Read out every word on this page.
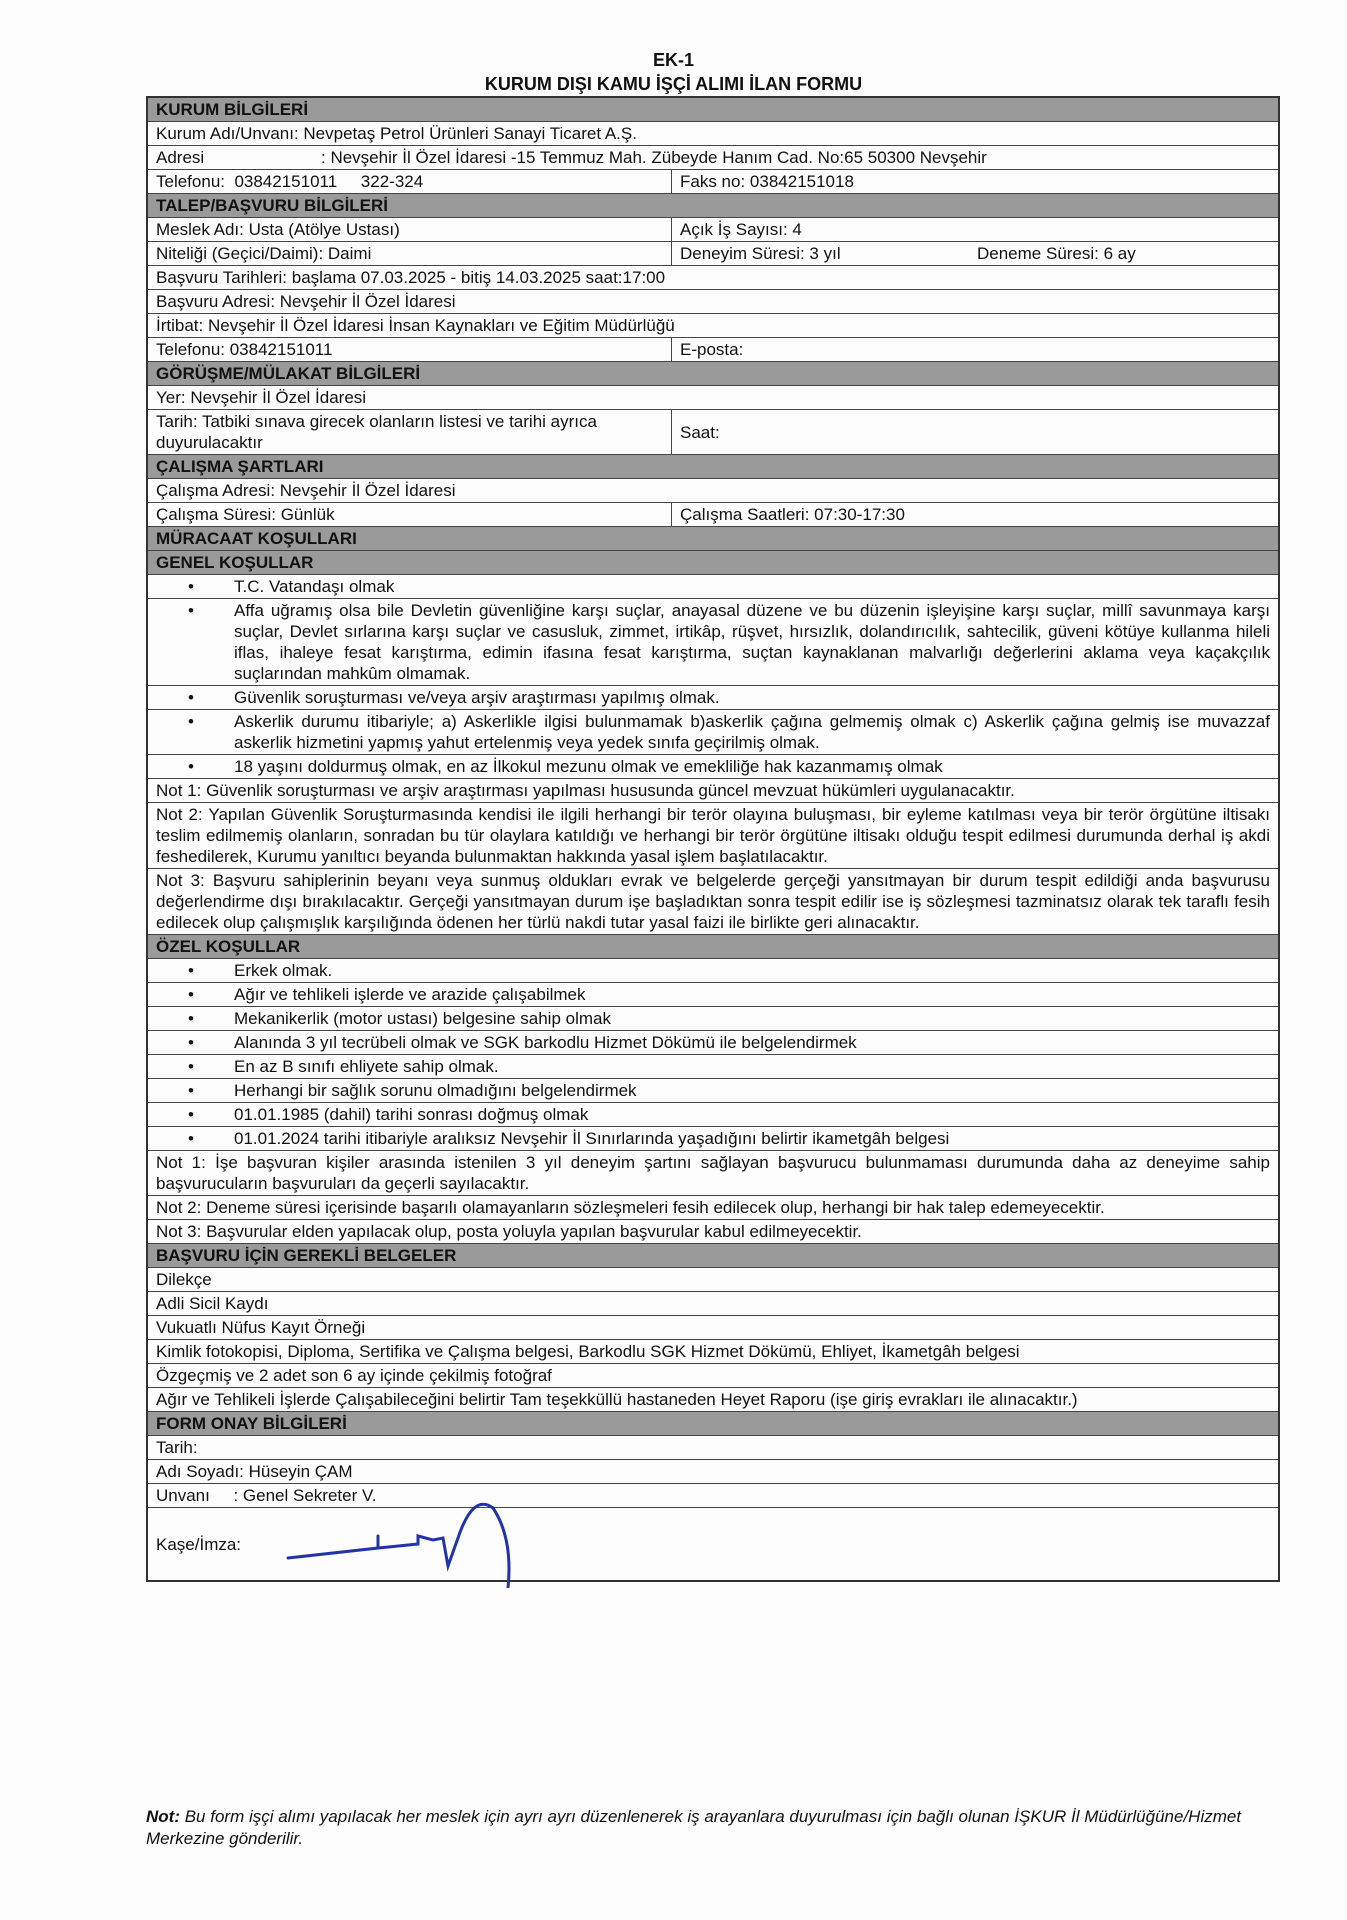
EK-1
KURUM DIŞI KAMU İŞÇİ ALIMI İLAN FORMU
KURUM BİLGİLERİ
Kurum Adı/Unvanı: Nevpetaş Petrol Ürünleri Sanayi Ticaret A.Ş.
Adresi	: Nevşehir İl Özel İdaresi -15 Temmuz Mah. Zübeyde Hanım Cad. No:65 50300 Nevşehir
Telefonu:  03842151011     322-324	Faks no: 03842151018
TALEP/BAŞVURU BİLGİLERİ
Meslek Adı: Usta (Atölye Ustası)	Açık İş Sayısı: 4
Niteliği (Geçici/Daimi): Daimi	Deneyim Süresi: 3 yıl	Deneme Süresi: 6 ay
Başvuru Tarihleri: başlama 07.03.2025 - bitiş 14.03.2025 saat:17:00
Başvuru Adresi: Nevşehir İl Özel İdaresi
İrtibat: Nevşehir İl Özel İdaresi İnsan Kaynakları ve Eğitim Müdürlüğü
Telefonu: 03842151011	E-posta:
GÖRÜŞME/MÜLAKAT BİLGİLERİ
Yer: Nevşehir İl Özel İdaresi
Tarih: Tatbiki sınava girecek olanların listesi ve tarihi ayrıca duyurulacaktır
Saat:
ÇALIŞMA ŞARTLARI
Çalışma Adresi: Nevşehir İl Özel İdaresi
Çalışma Süresi: Günlük	Çalışma Saatleri: 07:30-17:30
MÜRACAAT KOŞULLARI
GENEL KOŞULLAR
•	T.C. Vatandaşı olmak
•	Affa uğramış olsa bile Devletin güvenliğine karşı suçlar, anayasal düzene ve bu düzenin işleyişine karşı suçlar, millî savunmaya karşı suçlar, Devlet sırlarına karşı suçlar ve casusluk, zimmet, irtikâp, rüşvet, hırsızlık, dolandırıcılık, sahtecilik, güveni kötüye kullanma hileli iflas, ihaleye fesat karıştırma, edimin ifasına fesat karıştırma, suçtan kaynaklanan malvarlığı değerlerini aklama veya kaçakçılık suçlarından mahkûm olmamak.
•	Güvenlik soruşturması ve/veya arşiv araştırması yapılmış olmak.
•	Askerlik durumu itibariyle; a) Askerlikle ilgisi bulunmamak b)askerlik çağına gelmemiş olmak c) Askerlik çağına gelmiş ise muvazzaf askerlik hizmetini yapmış yahut ertelenmiş veya yedek sınıfa geçirilmiş olmak.
•	18 yaşını doldurmuş olmak, en az İlkokul mezunu olmak ve emekliliğe hak kazanmamış olmak
Not 1: Güvenlik soruşturması ve arşiv araştırması yapılması hususunda güncel mevzuat hükümleri uygulanacaktır.
Not 2: Yapılan Güvenlik Soruşturmasında kendisi ile ilgili herhangi bir terör olayına buluşması, bir eyleme katılması veya bir terör örgütüne iltisakı teslim edilmemiş olanların, sonradan bu tür olaylara katıldığı ve herhangi bir terör örgütüne iltisakı olduğu tespit edilmesi durumunda derhal iş akdi feshedilerek, Kurumu yanıltıcı beyanda bulunmaktan hakkında yasal işlem başlatılacaktır.
Not 3: Başvuru sahiplerinin beyanı veya sunmuş oldukları evrak ve belgelerde gerçeği yansıtmayan bir durum tespit edildiği anda başvurusu değerlendirme dışı bırakılacaktır. Gerçeği yansıtmayan durum işe başladıktan sonra tespit edilir ise iş sözleşmesi tazminatsız olarak tek taraflı fesih edilecek olup çalışmışlık karşılığında ödenen her türlü nakdi tutar yasal faizi ile birlikte geri alınacaktır.
ÖZEL KOŞULLAR
•	Erkek olmak.
•	Ağır ve tehlikeli işlerde ve arazide çalışabilmek
•	Mekanikerlik (motor ustası) belgesine sahip olmak
•	Alanında 3 yıl tecrübeli olmak ve SGK barkodlu Hizmet Dökümü ile belgelendirmek
•	En az B sınıfı ehliyete sahip olmak.
•	Herhangi bir sağlık sorunu olmadığını belgelendirmek
•	01.01.1985 (dahil) tarihi sonrası doğmuş olmak
•	01.01.2024 tarihi itibariyle aralıksız Nevşehir İl Sınırlarında yaşadığını belirtir ikametgâh belgesi
Not 1: İşe başvuran kişiler arasında istenilen 3 yıl deneyim şartını sağlayan başvurucu bulunmaması durumunda daha az deneyime sahip başvurucuların başvuruları da geçerli sayılacaktır.
Not 2: Deneme süresi içerisinde başarılı olamayanların sözleşmeleri fesih edilecek olup, herhangi bir hak talep edemeyecektir.
Not 3: Başvurular elden yapılacak olup, posta yoluyla yapılan başvurular kabul edilmeyecektir.
BAŞVURU İÇİN GEREKLİ BELGELER
Dilekçe
Adli Sicil Kaydı
Vukuatlı Nüfus Kayıt Örneği
Kimlik fotokopisi, Diploma, Sertifika ve Çalışma belgesi, Barkodlu SGK Hizmet Dökümü, Ehliyet, İkametgâh belgesi
Özgeçmiş ve 2 adet son 6 ay içinde çekilmiş fotoğraf
Ağır ve Tehlikeli İşlerde Çalışabileceğini belirtir Tam teşekküllü hastaneden Heyet Raporu (işe giriş evrakları ile alınacaktır.)
FORM ONAY BİLGİLERİ
Tarih:
Adı Soyadı: Hüseyin ÇAM
Unvanı     : Genel Sekreter V.
Kaşe/İmza:
Not: Bu form işçi alımı yapılacak her meslek için ayrı ayrı düzenlenerek iş arayanlara duyurulması için bağlı olunan İŞKUR İl Müdürlüğüne/Hizmet Merkezine gönderilir.
